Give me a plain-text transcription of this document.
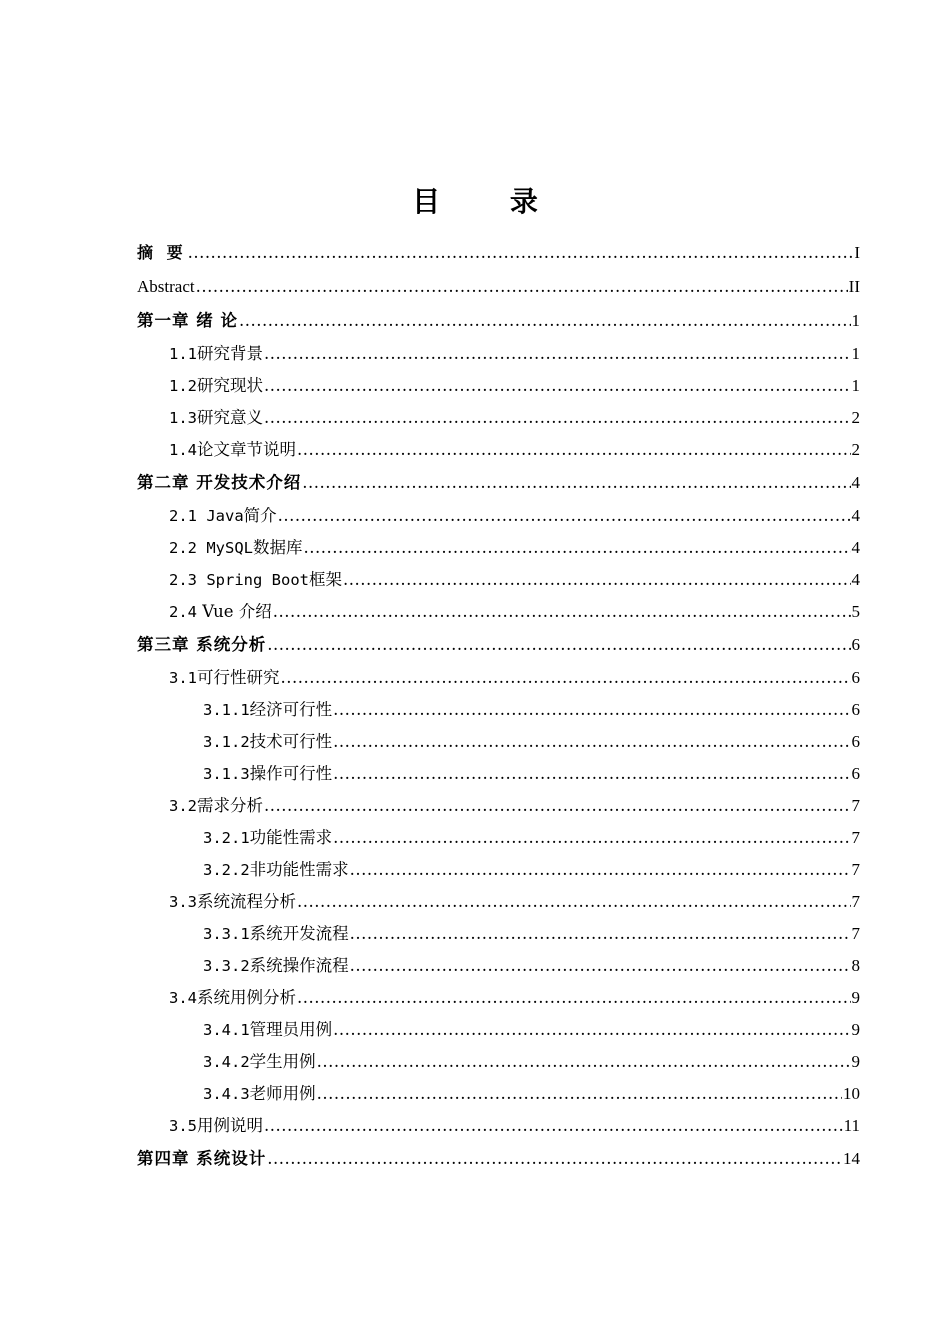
目 录
摘 要 .....	I
Abstract .....	II
第一章 绪 论 .....	1
1.1研究背景 .....	1
1.2研究现状 .....	1
1.3研究意义 .....	2
1.4论文章节说明 .....	2
第二章 开发技术介绍 .....	4
2.1 Java简介 .....	4
2.2 MySQL数据库 .....	4
2.3 Spring Boot框架 .....	4
2.4 Vue 介绍 .....	5
第三章 系统分析 .....	6
3.1可行性研究 .....	6
3.1.1经济可行性 .....	6
3.1.2技术可行性 .....	6
3.1.3操作可行性 .....	6
3.2需求分析 .....	7
3.2.1功能性需求 .....	7
3.2.2非功能性需求 .....	7
3.3系统流程分析 .....	7
3.3.1系统开发流程 .....	7
3.3.2系统操作流程 .....	8
3.4系统用例分析 .....	9
3.4.1管理员用例 .....	9
3.4.2学生用例 .....	9
3.4.3老师用例 .....	10
3.5用例说明 .....	11
第四章 系统设计 .....	14
